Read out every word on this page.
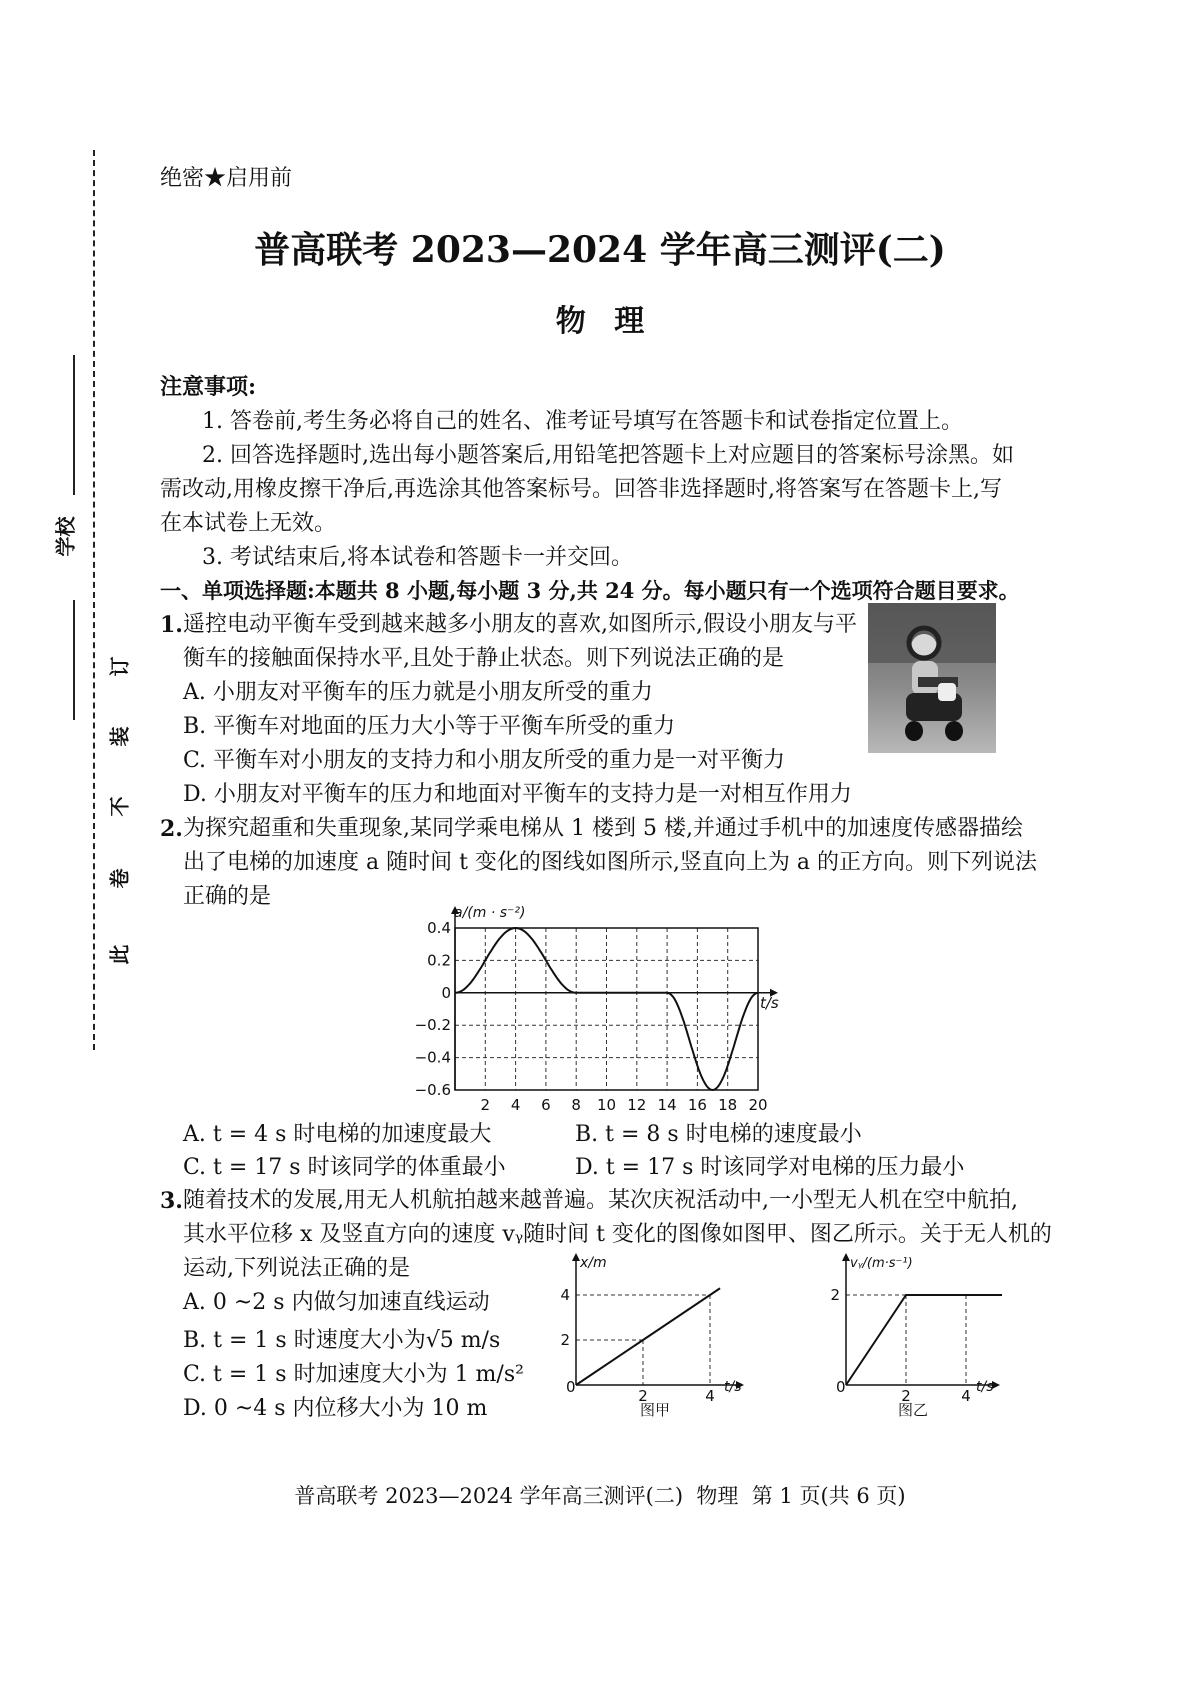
学校
订
装
不
卷
此
绝密★启用前
普高联考 2023—2024 学年高三测评(二)
物 理
注意事项:
1. 答卷前,考生务必将自己的姓名、准考证号填写在答题卡和试卷指定位置上。
2. 回答选择题时,选出每小题答案后,用铅笔把答题卡上对应题目的答案标号涂黑。如
需改动,用橡皮擦干净后,再选涂其他答案标号。回答非选择题时,将答案写在答题卡上,写
在本试卷上无效。
3. 考试结束后,将本试卷和答题卡一并交回。
一、单项选择题:本题共 8 小题,每小题 3 分,共 24 分。每小题只有一个选项符合题目要求。
1. 遥控电动平衡车受到越来越多小朋友的喜欢,如图所示,假设小朋友与平
衡车的接触面保持水平,且处于静止状态。则下列说法正确的是
A. 小朋友对平衡车的压力就是小朋友所受的重力
B. 平衡车对地面的压力大小等于平衡车所受的重力
C. 平衡车对小朋友的支持力和小朋友所受的重力是一对平衡力
D. 小朋友对平衡车的压力和地面对平衡车的支持力是一对相互作用力
2. 为探究超重和失重现象,某同学乘电梯从 1 楼到 5 楼,并通过手机中的加速度传感器描绘
出了电梯的加速度 a 随时间 t 变化的图线如图所示,竖直向上为 a 的正方向。则下列说法
正确的是
0.4
0.2
0
−0.2
−0.4
−0.6
2 4 6 8 10 12 14 16 18 20
a/(m · s⁻²)
t/s
A. t = 4 s 时电梯的加速度最大	B. t = 8 s 时电梯的速度最小
C. t = 17 s 时该同学的体重最小	D. t = 17 s 时该同学对电梯的压力最小
3. 随着技术的发展,用无人机航拍越来越普遍。某次庆祝活动中,一小型无人机在空中航拍,
其水平位移 x 及竖直方向的速度 vᵧ随时间 t 变化的图像如图甲、图乙所示。关于无人机的
运动,下列说法正确的是
A. 0 ~2 s 内做匀加速直线运动
B. t = 1 s 时速度大小为√5 m/s
C. t = 1 s 时加速度大小为 1 m/s²
D. 0 ~4 s 内位移大小为 10 m	2	4
2
4
x/m
t/s
0
图甲
2	4
2
vᵧ/(m·s⁻¹)
t/s
0
图乙
普高联考 2023—2024 学年高三测评(二)  物理  第 1 页(共 6 页)
